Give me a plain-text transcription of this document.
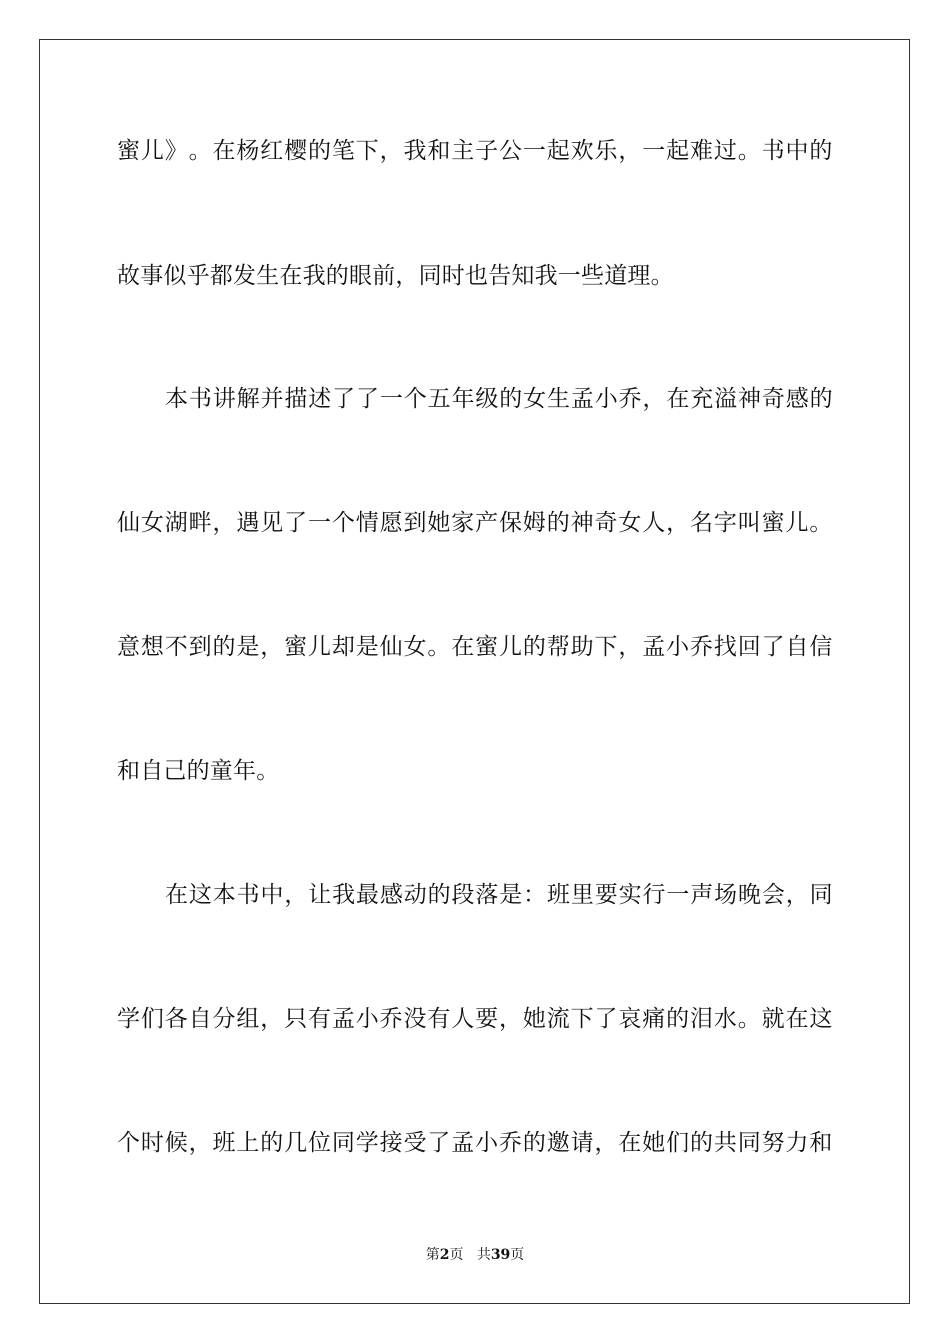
蜜 儿 》 。 在 杨 红 樱 的 笔 下 ， 我 和 主 子 公 一 起 欢 乐 ， 一 起 难 过 。 书 中 的
故事似乎都发生在我的眼前，同时也告知我一些道理。
本 书 讲 解 并 描 述 了 了 一 个 五 年 级 的 女 生 孟 小 乔 ， 在 充 溢 神 奇 感 的
仙 女 湖 畔 ， 遇 见 了 一 个 情 愿 到 她 家 产 保 姆 的 神 奇 女 人 ， 名 字 叫 蜜 儿 。
意 想 不 到 的 是 ， 蜜 儿 却 是 仙 女 。 在 蜜 儿 的 帮 助 下 ， 孟 小 乔 找 回 了 自 信
和自己的童年。
在 这 本 书 中 ， 让 我 最 感 动 的 段 落 是 ： 班 里 要 实 行 一 声 场 晚 会 ， 同
学 们 各 自 分 组 ， 只 有 孟 小 乔 没 有 人 要 ， 她 流 下 了 哀 痛 的 泪 水 。 就 在 这
个 时 候 ， 班 上 的 几 位 同 学 接 受 了 孟 小 乔 的 邀 请 ， 在 她 们 的 共 同 努 力 和
第2页 共39页
